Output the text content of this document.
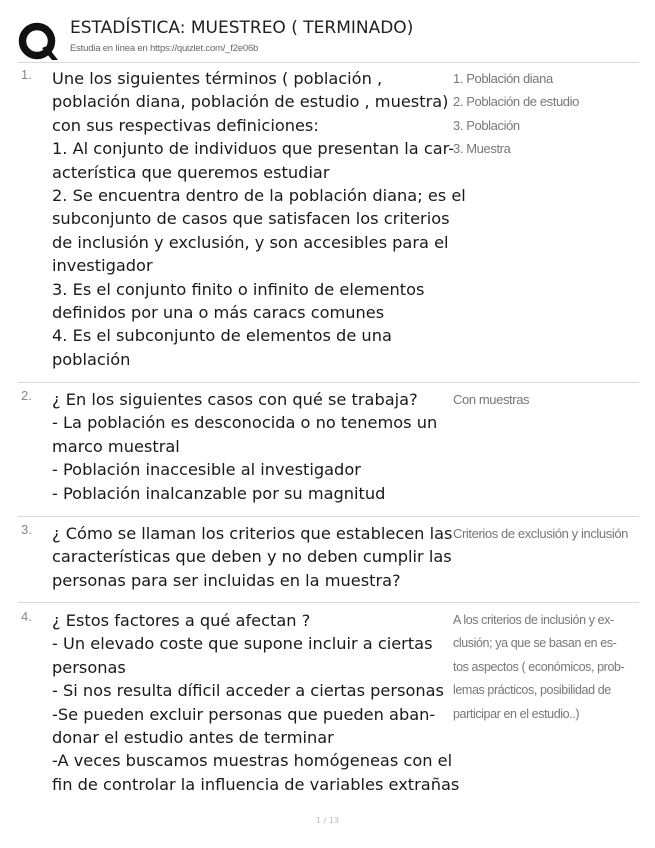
ESTADÍSTICA: MUESTREO ( TERMINADO)
Estudia en línea en https://quizlet.com/_f2e06b
1. Une los siguientes términos ( población ,
población diana, población de estudio , muestra)
con sus respectivas definiciones:
1. Al conjunto de individuos que presentan la car-
acterística que queremos estudiar
2. Se encuentra dentro de la población diana; es el
subconjunto de casos que satisfacen los criterios
de inclusión y exclusión, y son accesibles para el
investigador
3. Es el conjunto finito o infinito de elementos
definidos por una o más caracs comunes
4. Es el subconjunto de elementos de una
población
1. Población diana
2. Población de estudio
3. Población
3. Muestra
2. ¿ En los siguientes casos con qué se trabaja?
- La población es desconocida o no tenemos un
marco muestral
- Población inaccesible al investigador
- Población inalcanzable por su magnitud
Con muestras
3. ¿ Cómo se llaman los criterios que establecen las
características que deben y no deben cumplir las
personas para ser incluidas en la muestra?
Criterios de exclusión y inclusión
4. ¿ Estos factores a qué afectan ?
- Un elevado coste que supone incluir a ciertas
personas
- Si nos resulta díficil acceder a ciertas personas
-Se pueden excluir personas que pueden aban-
donar el estudio antes de terminar
-A veces buscamos muestras homógeneas con el
fin de controlar la influencia de variables extrañas
A los criterios de inclusión y ex-
clusión; ya que se basan en es-
tos aspectos ( económicos, prob-
lemas prácticos, posibilidad de
participar en el estudio..)
1 / 13
